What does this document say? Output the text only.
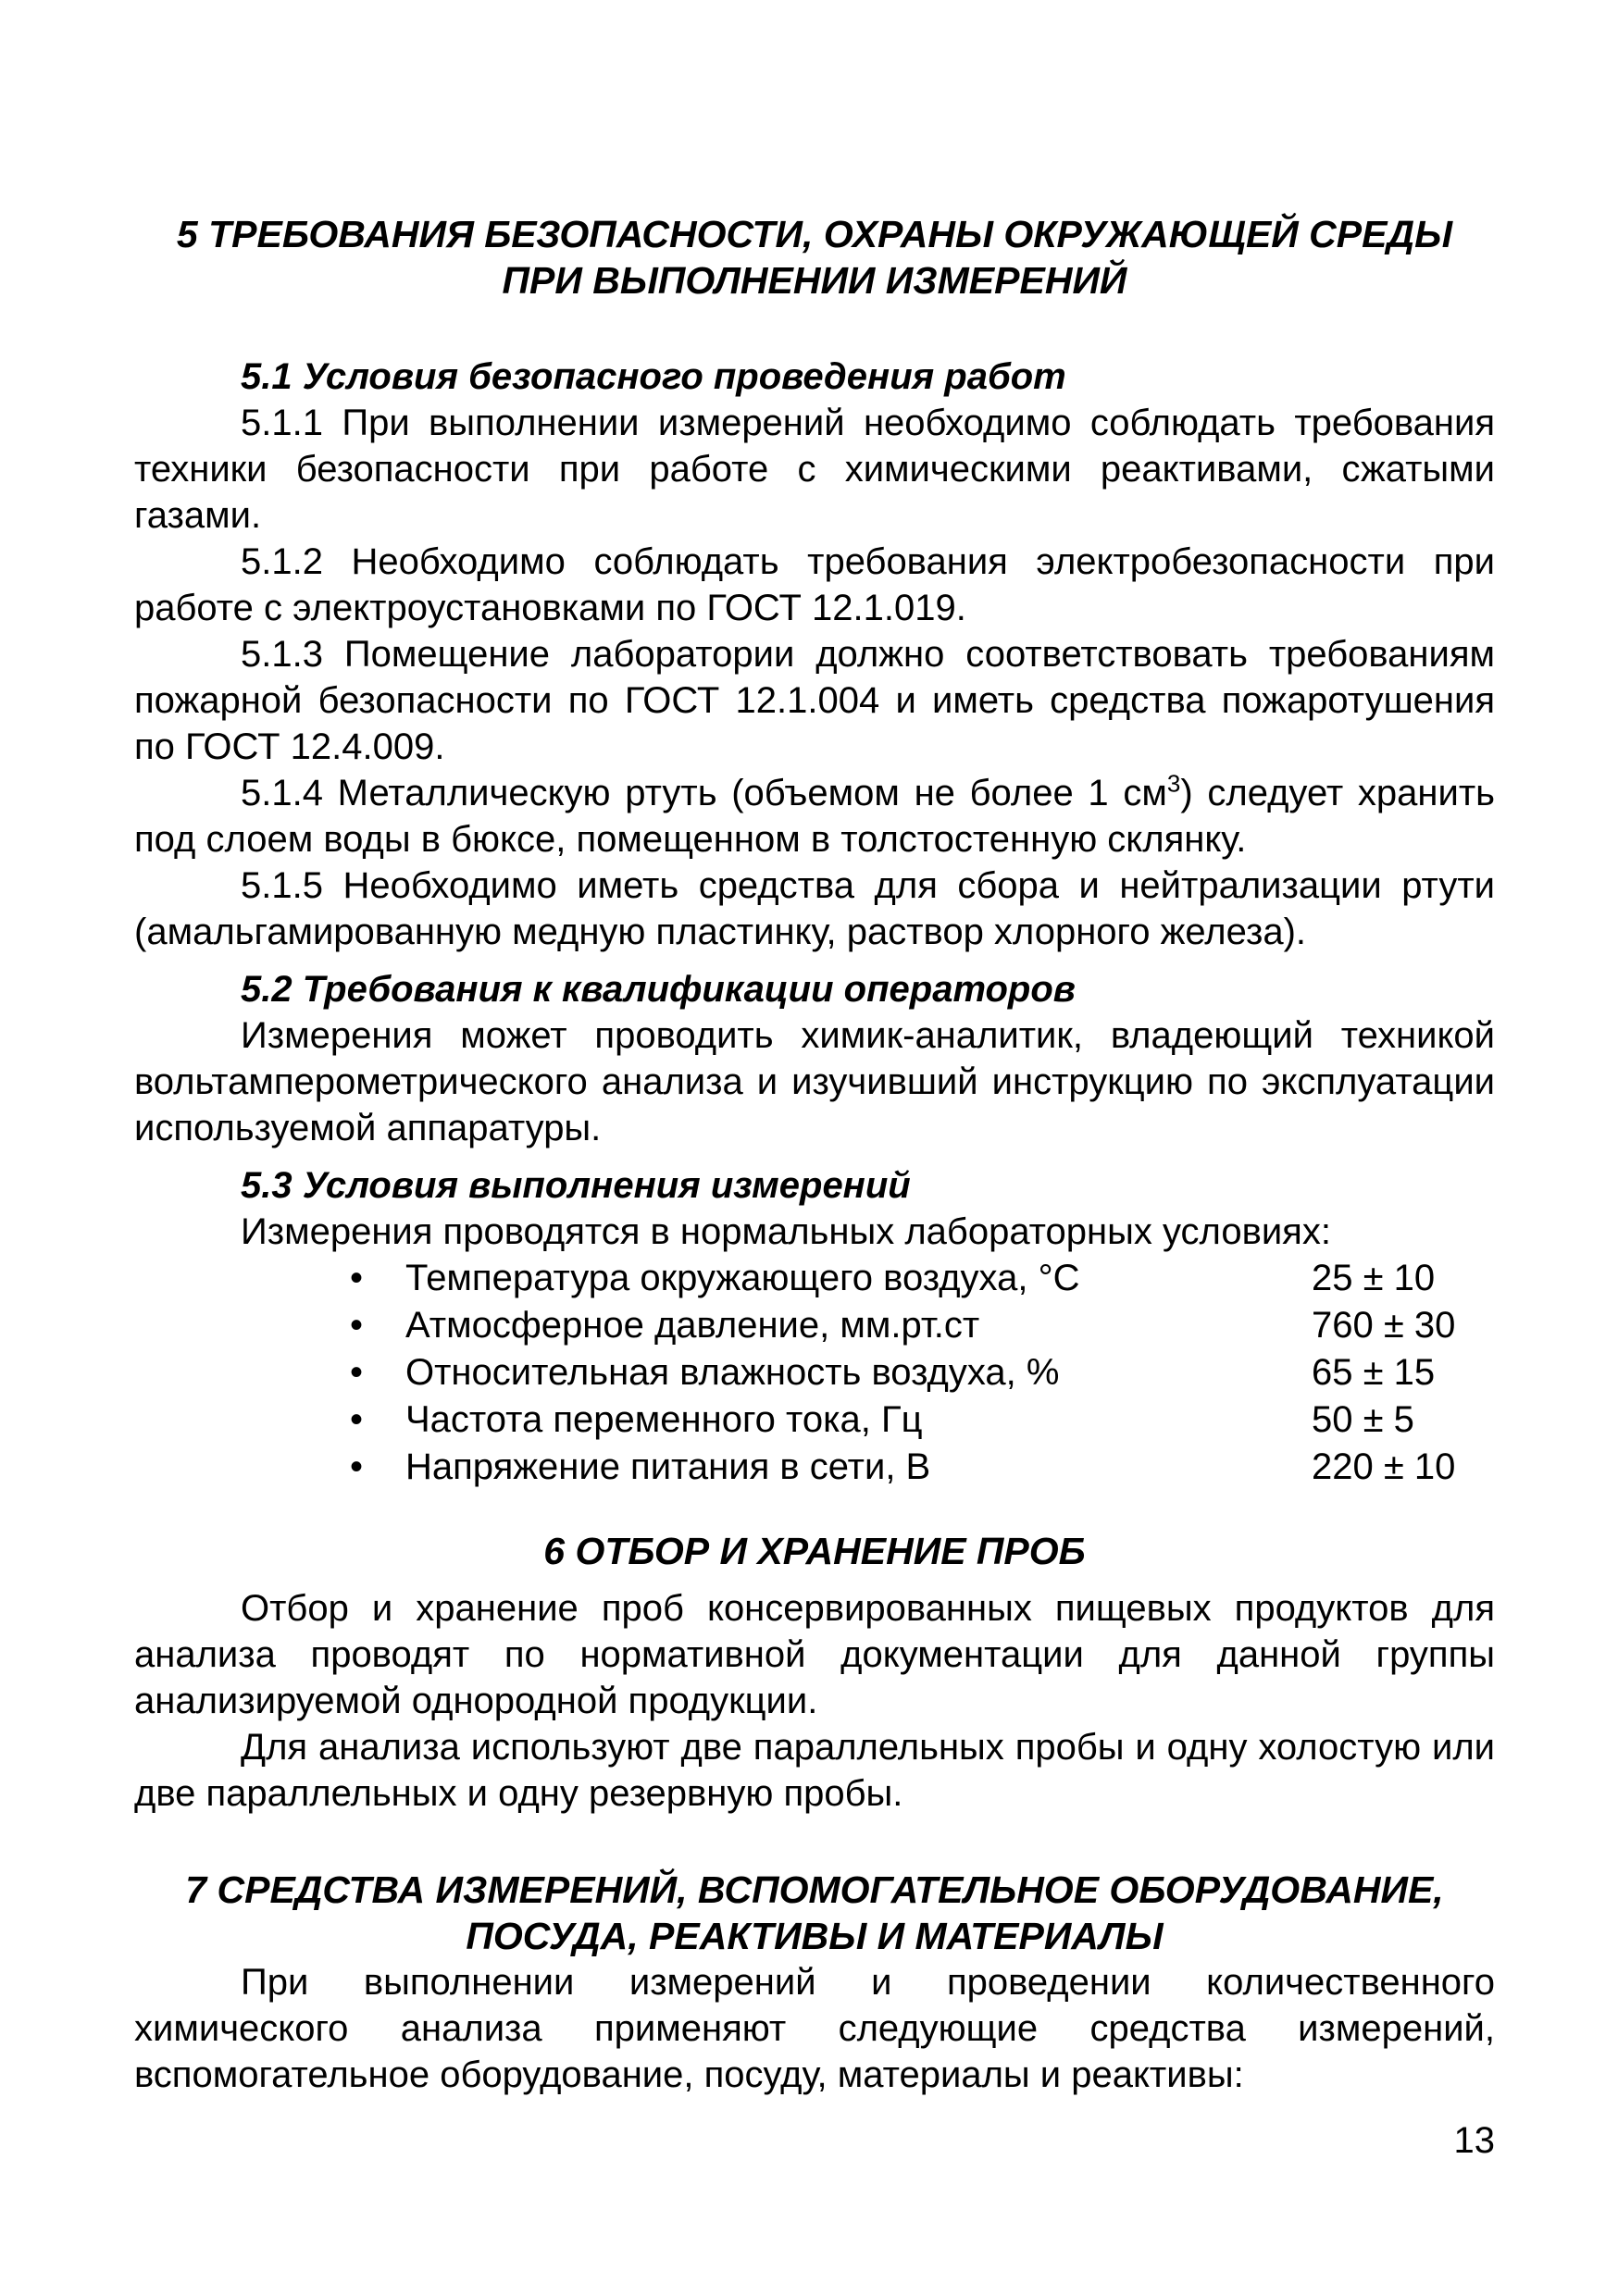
5 ТРЕБОВАНИЯ БЕЗОПАСНОСТИ, ОХРАНЫ ОКРУЖАЮЩЕЙ СРЕДЫ
ПРИ ВЫПОЛНЕНИИ ИЗМЕРЕНИЙ
5.1 Условия безопасного проведения работ

5.1.1 При выполнении измерений необходимо соблюдать требования техники безопасности при работе с химическими реактивами, сжатыми газами.

5.1.2 Необходимо соблюдать требования электробезопасности при работе с электроустановками по ГОСТ 12.1.019.

5.1.3 Помещение лаборатории должно соответствовать требованиям пожарной безопасности по ГОСТ 12.1.004 и иметь средства пожаротушения по ГОСТ 12.4.009.

5.1.4 Металлическую ртуть (объемом не более 1 $см^3$) следует хранить под слоем воды в бюксе, помещенном в толстостенную склянку.

5.1.5 Необходимо иметь средства для сбора и нейтрализации ртути (амальгамированную медную пластинку, раствор хлорного железа).

5.2 Требования к квалификации операторов

Измерения может проводить химик-аналитик, владеющий техникой вольтамперометрического анализа и изучивший инструкцию по эксплуатации используемой аппаратуры.

5.3 Условия выполнения измерений

Измерения проводятся в нормальных лабораторных условиях:

• Температура окружающего воздуха, °С	25 ± 10
• Атмосферное давление, мм.рт.ст	760 ± 30
• Относительная влажность воздуха, %	65 ± 15
• Частота переменного тока, Гц	50 ± 5
• Напряжение питания в сети, В	220 ± 10
6 ОТБОР И ХРАНЕНИЕ ПРОБ

Отбор и хранение проб консервированных пищевых продуктов для анализа проводят по нормативной документации для данной группы анализируемой однородной продукции.

Для анализа используют две параллельных пробы и одну холостую или две параллельных и одну резервную пробы.

7 СРЕДСТВА ИЗМЕРЕНИЙ, ВСПОМОГАТЕЛЬНОЕ ОБОРУДОВАНИЕ,
ПОСУДА, РЕАКТИВЫ И МАТЕРИАЛЫ

При выполнении измерений и проведении количественного химического анализа применяют следующие средства измерений, вспомогательное оборудование, посуду, материалы и реактивы:

13
